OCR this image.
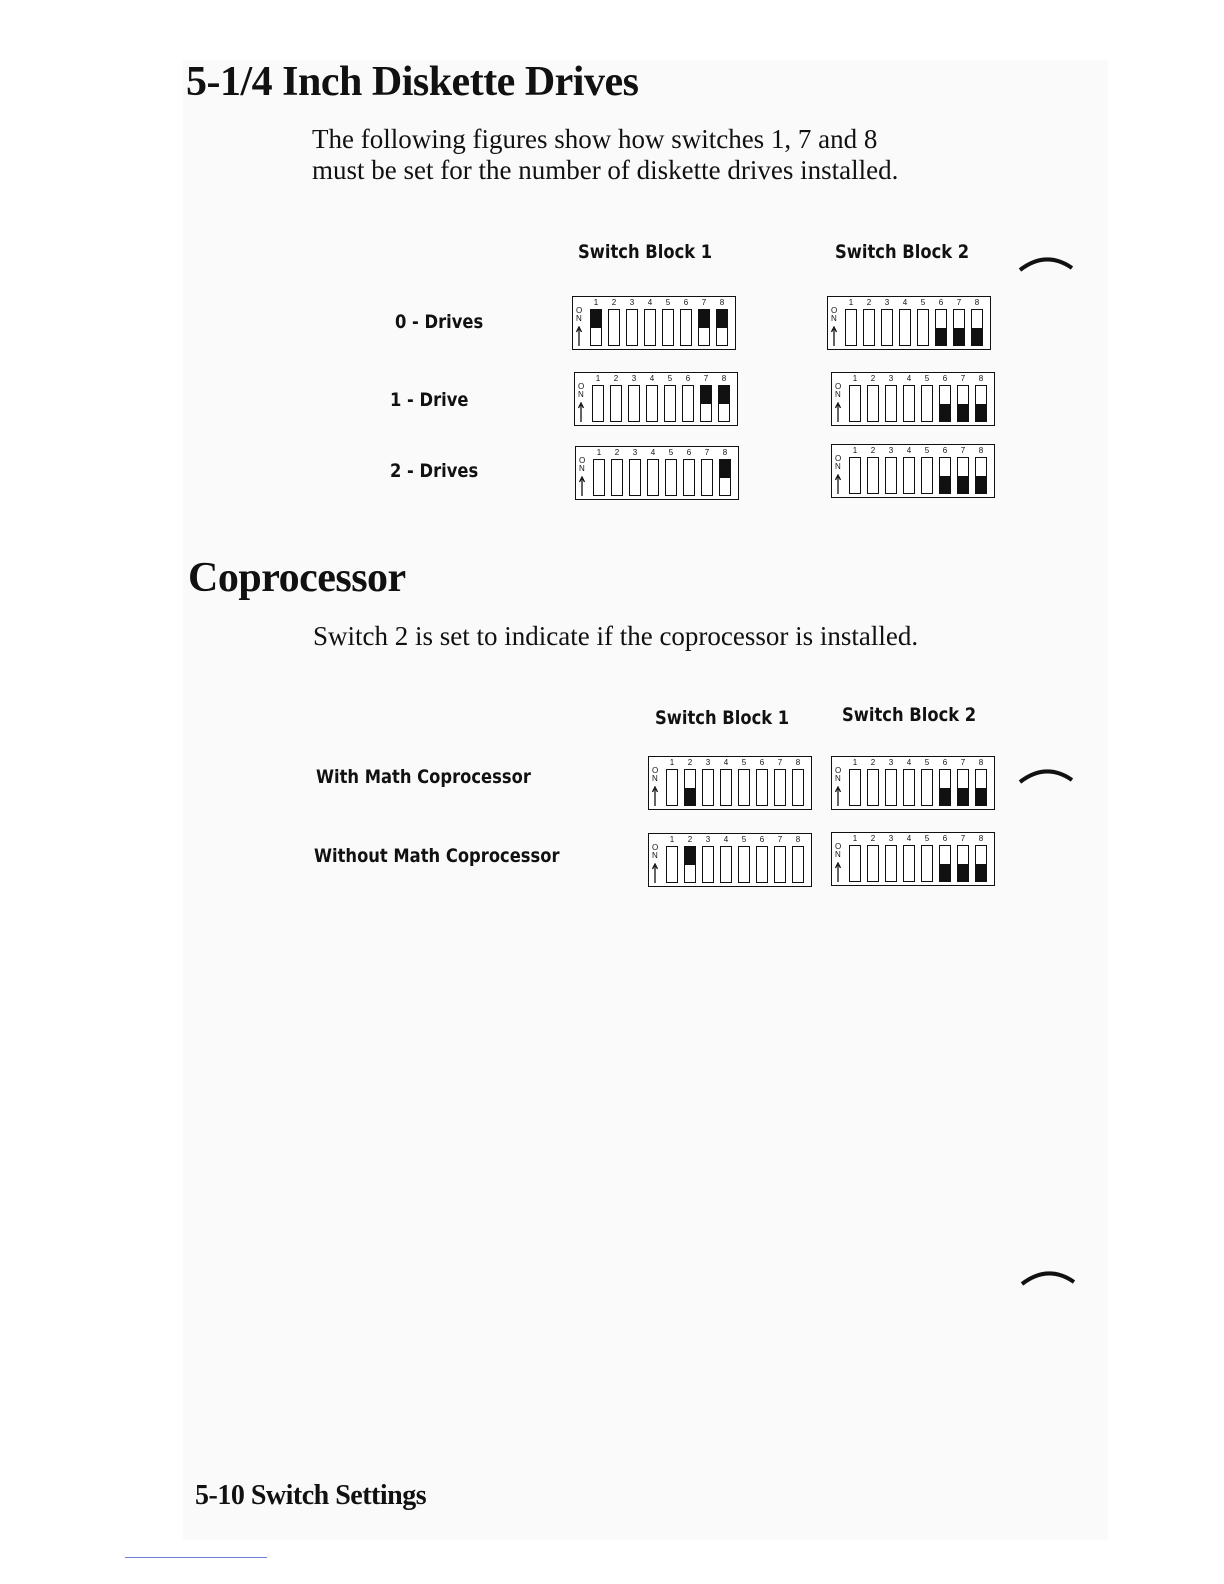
5-1/4 Inch Diskette Drives

The following figures show how switches 1, 7 and 8

must be set for the number of diskette drives installed.

Switch Block 1	Switch Block 2
0 - Drives
1 - Drive
2 - Drives
1 2 3 4 5 6 7 8
O
N
1 2 3 4 5 6 7 8
O
N
1 2 3 4 5 6 7 8
O
N
1 2 3 4 5 6 7 8
O
N
1 2 3 4 5 6 7 8
O
N
1 2 3 4 5 6 7 8
O
N
Coprocessor

Switch 2 is set to indicate if the coprocessor is installed.

Switch Block 1	Switch Block 2
With Math Coprocessor
Without Math Coprocessor
1 2 3 4 5 6 7 8
O
N
1 2 3 4 5 6 7 8
O
N
1 2 3 4 5 6 7 8
O
N
1 2 3 4 5 6 7 8
O
N
5-10 Switch Settings
